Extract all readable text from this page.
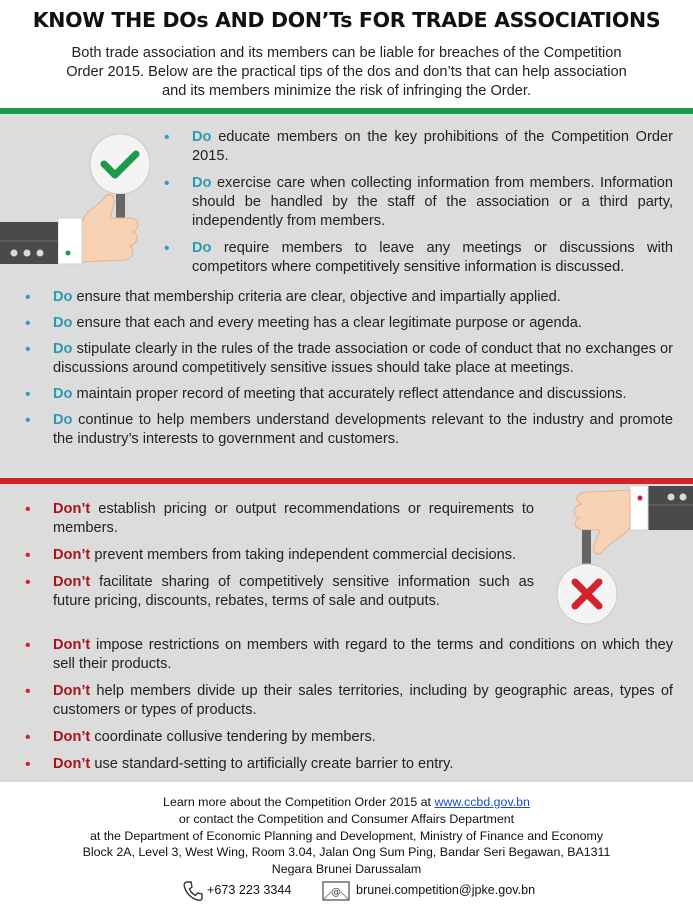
KNOW THE DOs AND DON’Ts FOR TRADE ASSOCIATIONS
Both trade association and its members can be liable for breaches of the Competition
Order 2015. Below are the practical tips of the dos and don’ts that can help association
and its members minimize the risk of infringing the Order.
• Do educate members on the key prohibitions of the Competition Order 2015.
• Do exercise care when collecting information from members. Information should be handled by the staff of the association or a third party, independently from members.
• Do require members to leave any meetings or discussions with competitors where competitively sensitive information is discussed.
• Do ensure that membership criteria are clear, objective and impartially applied.
• Do ensure that each and every meeting has a clear legitimate purpose or agenda.
• Do stipulate clearly in the rules of the trade association or code of conduct that no exchanges or discussions around competitively sensitive issues should take place at meetings.
• Do maintain proper record of meeting that accurately reflect attendance and discussions.
• Do continue to help members understand developments relevant to the industry and promote the industry’s interests to government and customers.
• Don’t establish pricing or output recommendations or requirements to members.
• Don’t prevent members from taking independent commercial decisions.
• Don’t facilitate sharing of competitively sensitive information such as future pricing, discounts, rebates, terms of sale and outputs.
• Don’t impose restrictions on members with regard to the terms and conditions on which they sell their products.
• Don’t help members divide up their sales territories, including by geographic areas, types of customers or types of products.
• Don’t coordinate collusive tendering by members.
• Don’t use standard-setting to artificially create barrier to entry.
Learn more about the Competition Order 2015 at www.ccbd.gov.bn
or contact the Competition and Consumer Affairs Department
at the Department of Economic Planning and Development, Ministry of Finance and Economy
Block 2A, Level 3, West Wing, Room 3.04, Jalan Ong Sum Ping, Bandar Seri Begawan, BA1311
Negara Brunei Darussalam
+673 223 3344	@ brunei.competition@jpke.gov.bn
